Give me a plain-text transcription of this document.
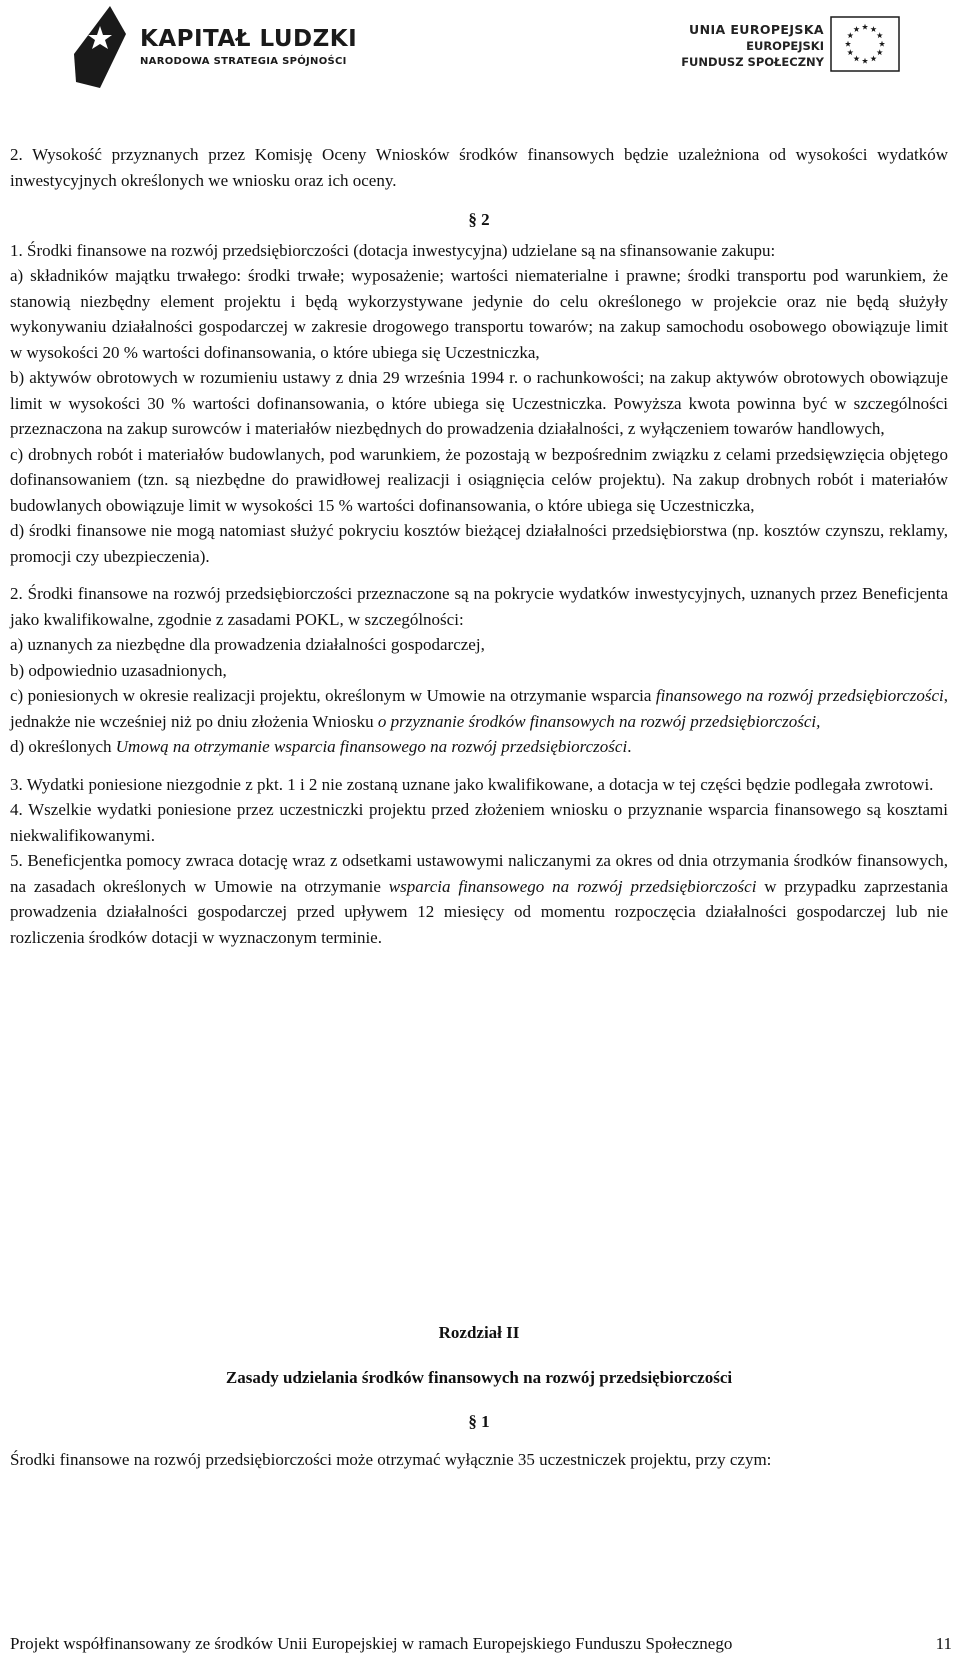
KAPITAŁ LUDZKI
NARODOWA STRATEGIA SPÓJNOŚCI
UNIA EUROPEJSKA
EUROPEJSKI
FUNDUSZ SPOŁECZNY

2. Wysokość przyznanych przez Komisję Oceny Wniosków środków finansowych będzie uzależniona od wysokości wydatków inwestycyjnych określonych we wniosku oraz ich oceny.

§ 2

1. Środki finansowe na rozwój przedsiębiorczości (dotacja inwestycyjna) udzielane są na sfinansowanie zakupu:

a) składników majątku trwałego: środki trwałe; wyposażenie; wartości niematerialne i prawne; środki transportu pod warunkiem, że stanowią niezbędny element projektu i będą wykorzystywane jedynie do celu określonego w projekcie oraz nie będą służyły wykonywaniu działalności gospodarczej w zakresie drogowego transportu towarów; na zakup samochodu osobowego obowiązuje limit w wysokości 20 % wartości dofinansowania, o które ubiega się Uczestniczka,

b) aktywów obrotowych w rozumieniu ustawy z dnia 29 września 1994 r. o rachunkowości; na zakup aktywów obrotowych obowiązuje limit w wysokości 30 % wartości dofinansowania, o które ubiega się Uczestniczka. Powyższa kwota powinna być w szczególności przeznaczona na zakup surowców i materiałów niezbędnych do prowadzenia działalności, z wyłączeniem towarów handlowych,

c) drobnych robót i materiałów budowlanych, pod warunkiem, że pozostają w bezpośrednim związku z celami przedsięwzięcia objętego dofinansowaniem (tzn. są niezbędne do prawidłowej realizacji i osiągnięcia celów projektu). Na zakup drobnych robót i materiałów budowlanych obowiązuje limit w wysokości 15 % wartości dofinansowania, o które ubiega się Uczestniczka,

d) środki finansowe nie mogą natomiast służyć pokryciu kosztów bieżącej działalności przedsiębiorstwa (np. kosztów czynszu, reklamy, promocji czy ubezpieczenia).

2. Środki finansowe na rozwój przedsiębiorczości przeznaczone są na pokrycie wydatków inwestycyjnych, uznanych przez Beneficjenta jako kwalifikowalne, zgodnie z zasadami POKL, w szczególności:

a) uznanych za niezbędne dla prowadzenia działalności gospodarczej,

b) odpowiednio uzasadnionych,

c) poniesionych w okresie realizacji projektu, określonym w Umowie na otrzymanie wsparcia finansowego na rozwój przedsiębiorczości, jednakże nie wcześniej niż po dniu złożenia Wniosku o przyznanie środków finansowych na rozwój przedsiębiorczości,

d) określonych Umową na otrzymanie wsparcia finansowego na rozwój przedsiębiorczości.

3. Wydatki poniesione niezgodnie z pkt. 1 i 2 nie zostaną uznane jako kwalifikowane, a dotacja w tej części będzie podlegała zwrotowi.

4. Wszelkie wydatki poniesione przez uczestniczki projektu przed złożeniem wniosku o przyznanie wsparcia finansowego są kosztami niekwalifikowanymi.

5. Beneficjentka pomocy zwraca dotację wraz z odsetkami ustawowymi naliczanymi za okres od dnia otrzymania środków finansowych, na zasadach określonych w Umowie na otrzymanie wsparcia finansowego na rozwój przedsiębiorczości w przypadku zaprzestania prowadzenia działalności gospodarczej przed upływem 12 miesięcy od momentu rozpoczęcia działalności gospodarczej lub nie rozliczenia środków dotacji w wyznaczonym terminie.

Rozdział II

Zasady udzielania środków finansowych na rozwój przedsiębiorczości

§ 1

Środki finansowe na rozwój przedsiębiorczości może otrzymać wyłącznie 35 uczestniczek projektu, przy czym:

Projekt współfinansowany ze środków Unii Europejskiej w ramach Europejskiego Funduszu Społecznego	11
